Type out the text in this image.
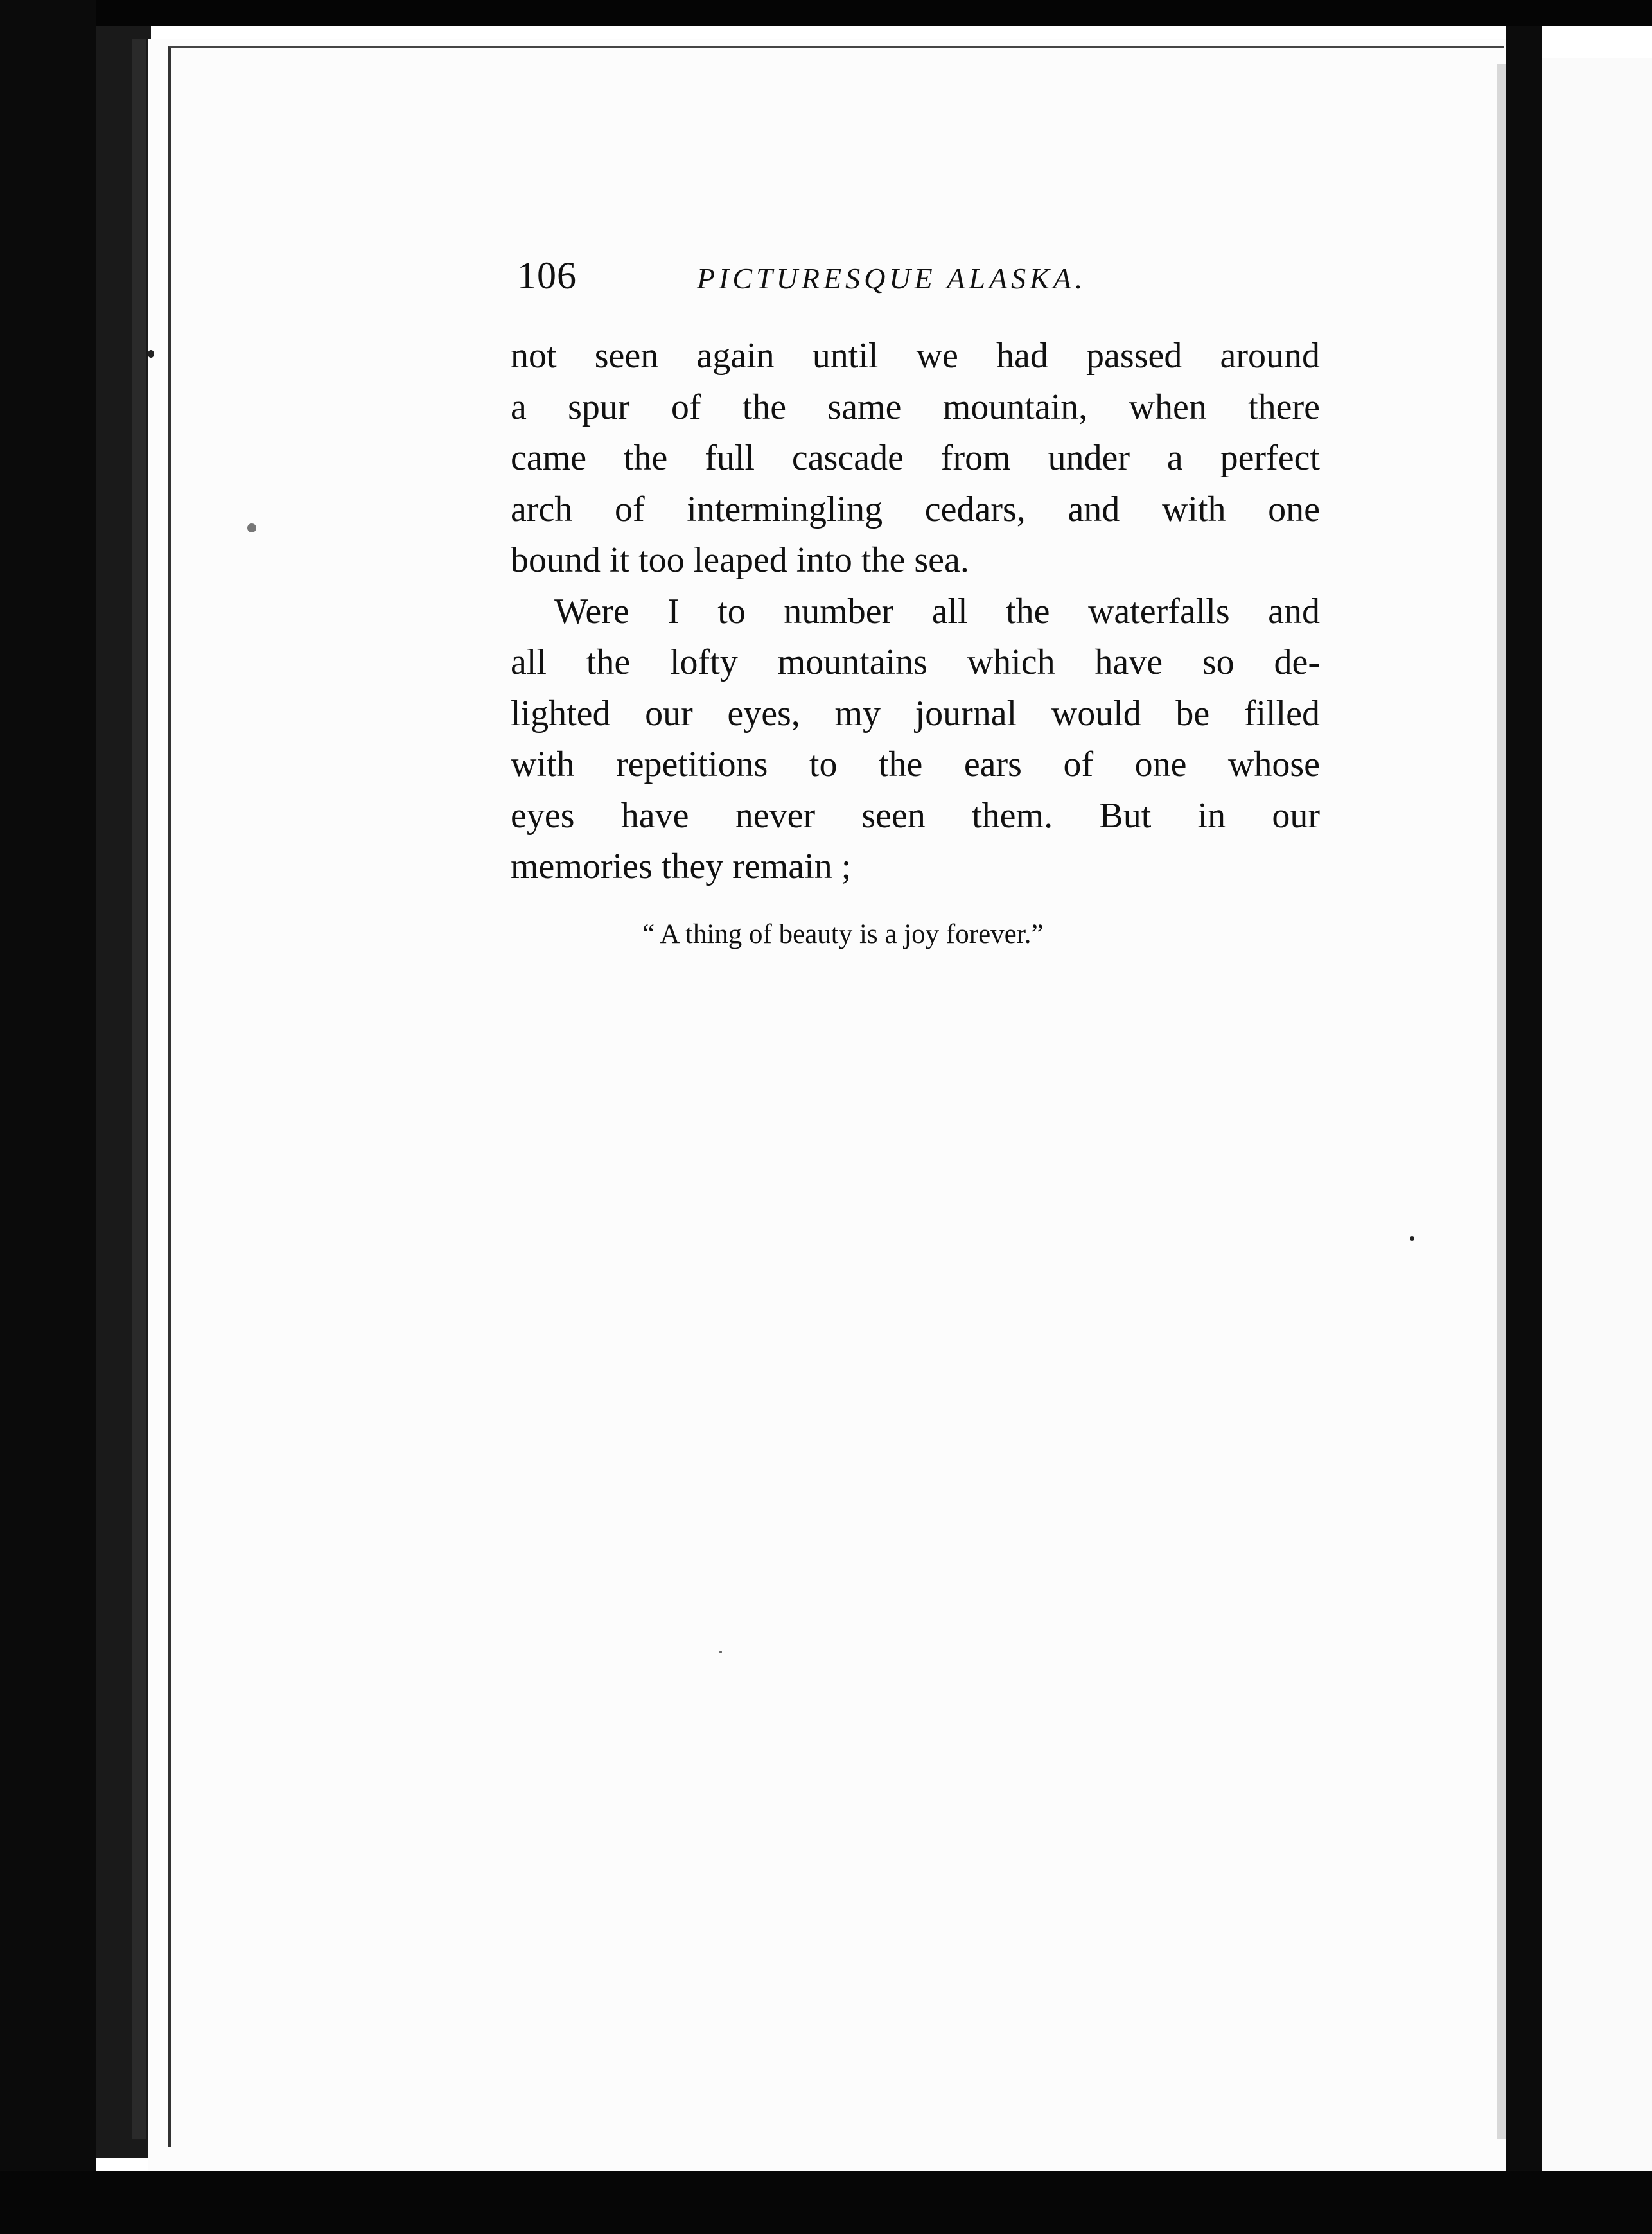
106	PICTURESQUE ALASKA.
not seen again until we had passed around
a spur of the same mountain, when there
came the full cascade from under a perfect
arch of intermingling cedars, and with one
bound it too leaped into the sea.
Were I to number all the waterfalls and
all the lofty mountains which have so de-
lighted our eyes, my journal would be filled
with repetitions to the ears of one whose
eyes have never seen them. But in our
memories they remain ;
“ A thing of beauty is a joy forever.”
